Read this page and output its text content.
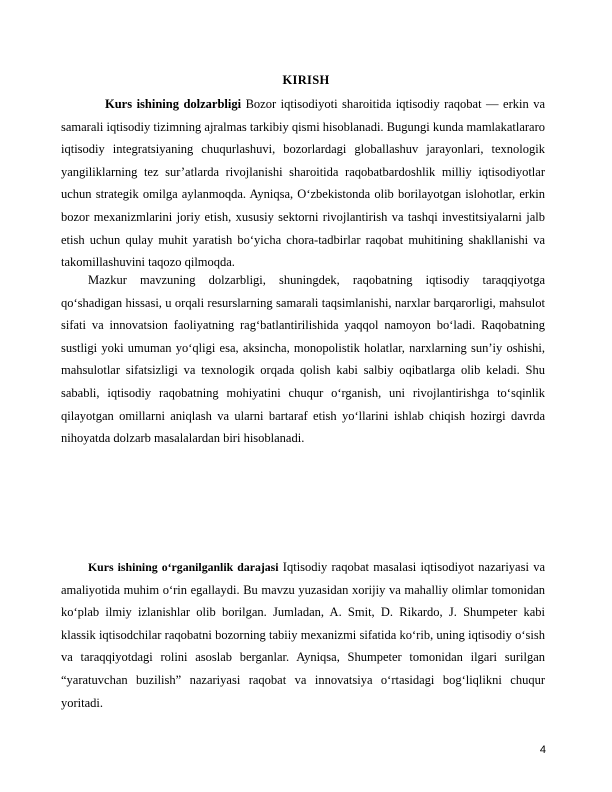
KIRISH

Kurs ishining dolzarbligi Bozor iqtisodiyoti sharoitida iqtisodiy raqobat — erkin va samarali iqtisodiy tizimning ajralmas tarkibiy qismi hisoblanadi. Bugungi kunda mamlakatlararo iqtisodiy integratsiyaning chuqurlashuvi, bozorlardagi globallashuv jarayonlari, texnologik yangiliklarning tez sur’atlarda rivojlanishi sharoitida raqobatbardoshlik milliy iqtisodiyotlar uchun strategik omilga aylanmoqda. Ayniqsa, O‘zbekistonda olib borilayotgan islohotlar, erkin bozor mexanizmlarini joriy etish, xususiy sektorni rivojlantirish va tashqi investitsiyalarni jalb etish uchun qulay muhit yaratish bo‘yicha chora-tadbirlar raqobat muhitining shakllanishi va takomillashuvini taqozo qilmoqda.

Mazkur mavzuning dolzarbligi, shuningdek, raqobatning iqtisodiy taraqqiyotga qo‘shadigan hissasi, u orqali resurslarning samarali taqsimlanishi, narxlar barqarorligi, mahsulot sifati va innovatsion faoliyatning rag‘batlantirilishida yaqqol namoyon bo‘ladi. Raqobatning sustligi yoki umuman yo‘qligi esa, aksincha, monopolistik holatlar, narxlarning sun’iy oshishi, mahsulotlar sifatsizligi va texnologik orqada qolish kabi salbiy oqibatlarga olib keladi. Shu sababli, iqtisodiy raqobatning mohiyatini chuqur o‘rganish, uni rivojlantirishga to‘sqinlik qilayotgan omillarni aniqlash va ularni bartaraf etish yo‘llarini ishlab chiqish hozirgi davrda nihoyatda dolzarb masalalardan biri hisoblanadi.

Kurs ishining o‘rganilganlik darajasi Iqtisodiy raqobat masalasi iqtisodiyot nazariyasi va amaliyotida muhim o‘rin egallaydi. Bu mavzu yuzasidan xorijiy va mahalliy olimlar tomonidan ko‘plab ilmiy izlanishlar olib borilgan. Jumladan, A. Smit, D. Rikardo, J. Shumpeter kabi klassik iqtisodchilar raqobatni bozorning tabiiy mexanizmi sifatida ko‘rib, uning iqtisodiy o‘sish va taraqqiyotdagi rolini asoslab berganlar. Ayniqsa, Shumpeter tomonidan ilgari surilgan “yaratuvchan buzilish” nazariyasi raqobat va innovatsiya o‘rtasidagi bog‘liqlikni chuqur yoritadi.

4
